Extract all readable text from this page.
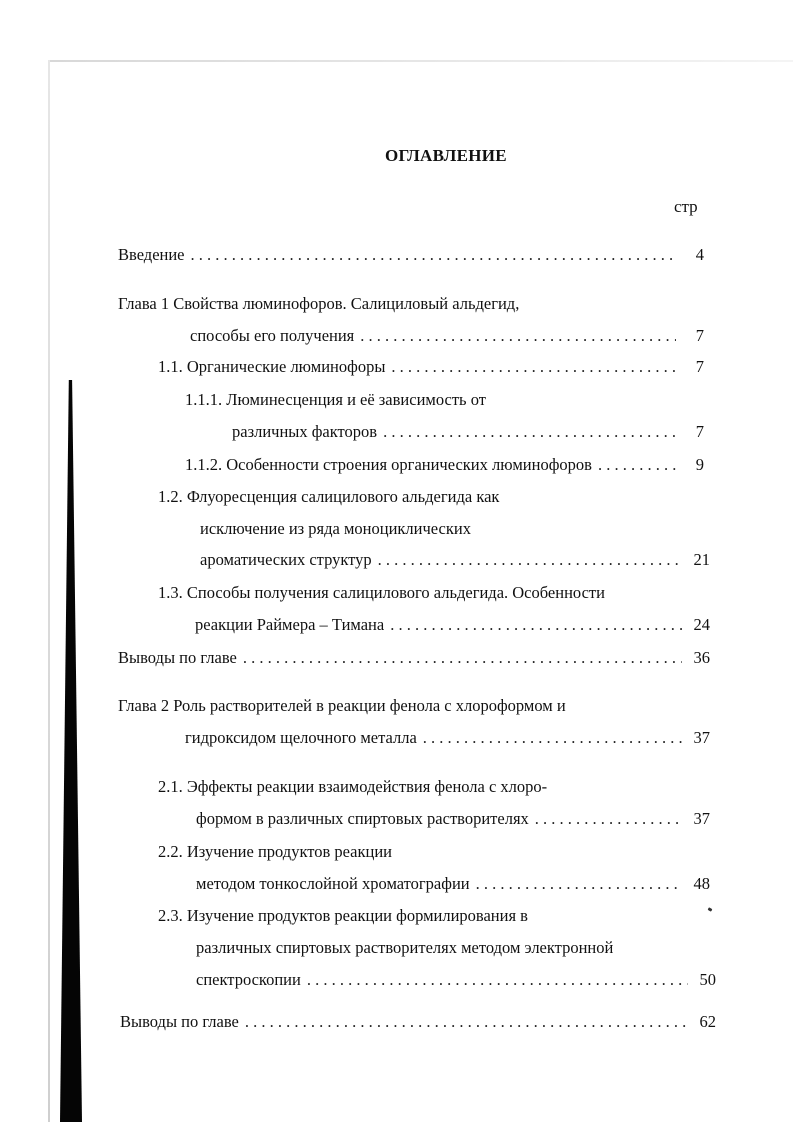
ОГЛАВЛЕНИЕ
стр
Введение . . .	4
Глава 1 Свойства люминофоров. Салициловый альдегид,
способы его получения . . .	7
1.1. Органические люминофоры . . .	7
1.1.1. Люминесценция и её зависимость от
различных факторов . . .	7
1.1.2. Особенности строения органических люминофоров . . .	9
1.2. Флуоресценция салицилового альдегида как
исключение из ряда моноциклических
ароматических структур . . .	21
1.3. Способы получения салицилового альдегида. Особенности
реакции Раймера – Тимана . . .	24
Выводы по главе . . .	36
Глава 2 Роль растворителей в реакции фенола с хлороформом и
гидроксидом щелочного металла . . .	37
2.1. Эффекты реакции взаимодействия фенола с хлоро-
формом в различных спиртовых растворителях . . .	37
2.2. Изучение продуктов реакции
методом тонкослойной хроматографии . . .	48
2.3. Изучение продуктов реакции формилирования в
различных спиртовых растворителях методом электронной
спектроскопии . . .	50
Выводы по главе . . .	62
